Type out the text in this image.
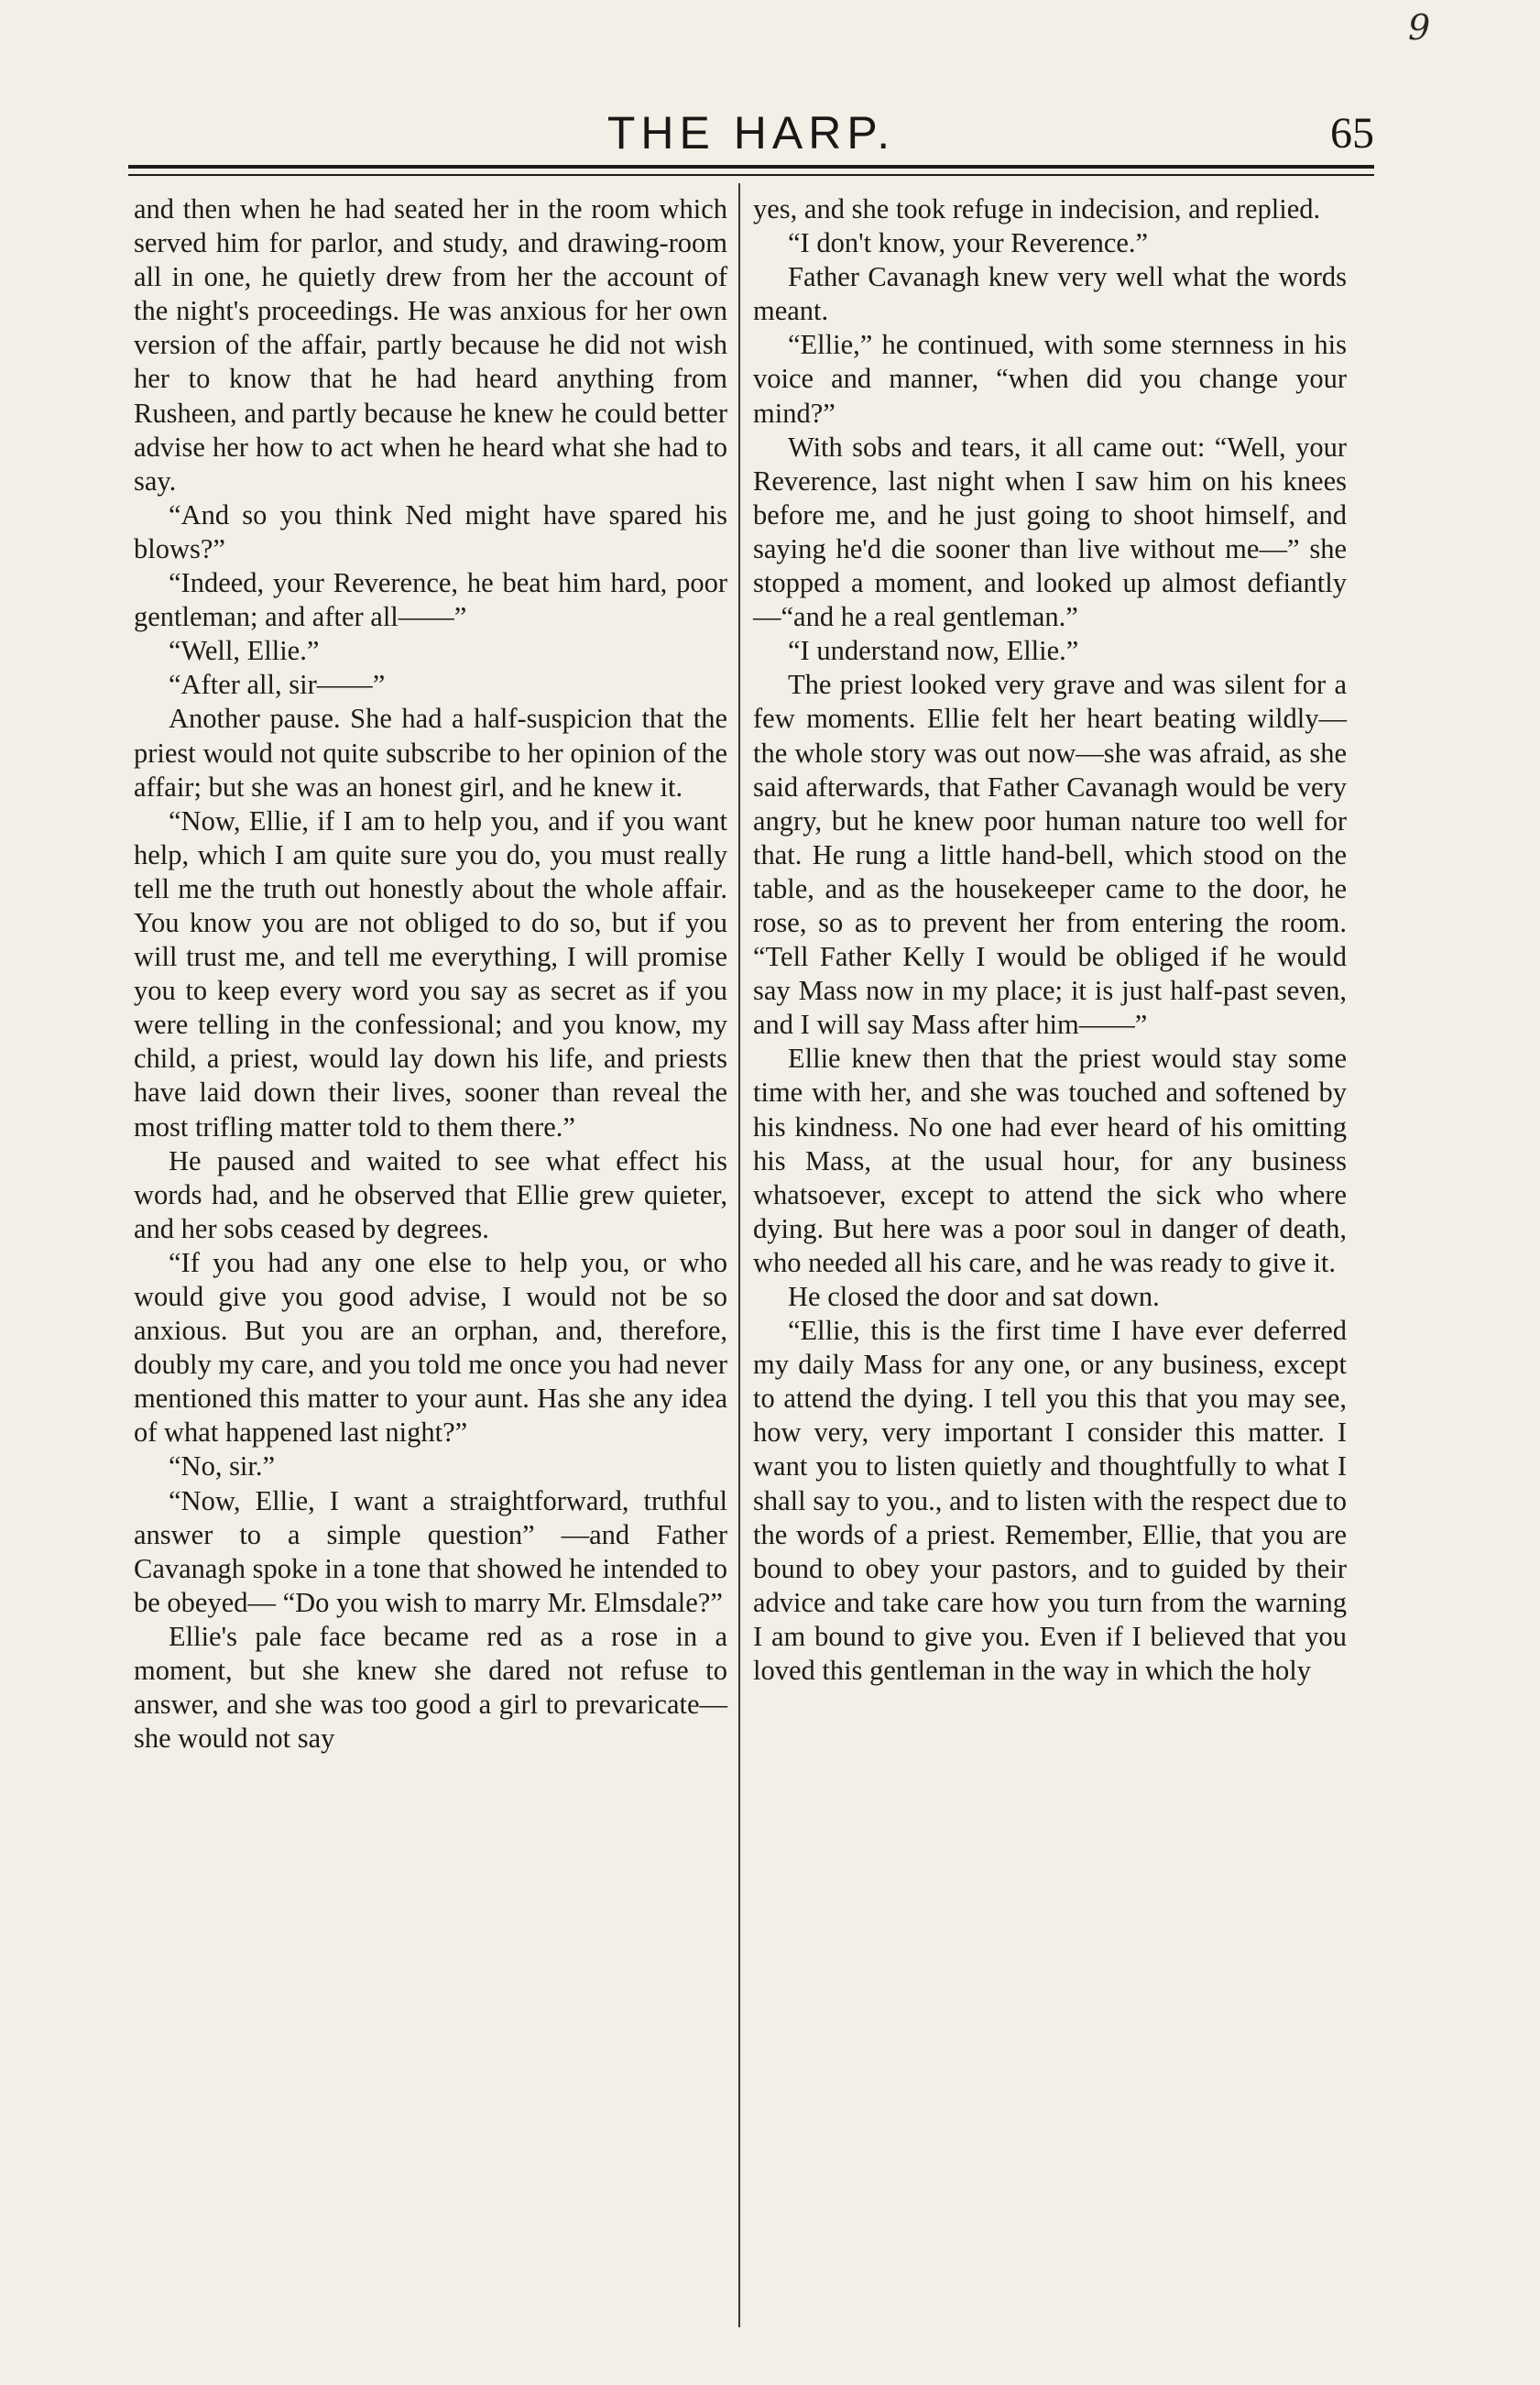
9
THE HARP.	65

and then when he had seated her in the room which served him for parlor, and study, and drawing-room all in one, he quietly drew from her the account of the night's proceedings. He was anxious for her own version of the affair, partly because he did not wish her to know that he had heard anything from Rusheen, and partly because he knew he could better advise her how to act when he heard what she had to say.

“And so you think Ned might have spared his blows?”

“Indeed, your Reverence, he beat him hard, poor gentleman; and after all——”

“Well, Ellie.”

“After all, sir——”

Another pause. She had a half-suspicion that the priest would not quite subscribe to her opinion of the affair; but she was an honest girl, and he knew it.

“Now, Ellie, if I am to help you, and if you want help, which I am quite sure you do, you must really tell me the truth out honestly about the whole affair. You know you are not obliged to do so, but if you will trust me, and tell me everything, I will promise you to keep every word you say as secret as if you were telling in the confessional; and you know, my child, a priest, would lay down his life, and priests have laid down their lives, sooner than reveal the most trifling matter told to them there.”

He paused and waited to see what effect his words had, and he observed that Ellie grew quieter, and her sobs ceased by degrees.

“If you had any one else to help you, or who would give you good advise, I would not be so anxious. But you are an orphan, and, therefore, doubly my care, and you told me once you had never mentioned this matter to your aunt. Has she any idea of what happened last night?”

“No, sir.”

“Now, Ellie, I want a straightforward, truthful answer to a simple question” —and Father Cavanagh spoke in a tone that showed he intended to be obeyed— “Do you wish to marry Mr. Elmsdale?”

Ellie's pale face became red as a rose in a moment, but she knew she dared not refuse to answer, and she was too good a girl to prevaricate—she would not say

yes, and she took refuge in indecision, and replied.

“I don't know, your Reverence.”

Father Cavanagh knew very well what the words meant.

“Ellie,” he continued, with some sternness in his voice and manner, “when did you change your mind?”

With sobs and tears, it all came out: “Well, your Reverence, last night when I saw him on his knees before me, and he just going to shoot himself, and saying he'd die sooner than live without me—” she stopped a moment, and looked up almost defiantly—“and he a real gentleman.”

“I understand now, Ellie.”

The priest looked very grave and was silent for a few moments. Ellie felt her heart beating wildly—the whole story was out now—she was afraid, as she said afterwards, that Father Cavanagh would be very angry, but he knew poor human nature too well for that. He rung a little hand-bell, which stood on the table, and as the housekeeper came to the door, he rose, so as to prevent her from entering the room. “Tell Father Kelly I would be obliged if he would say Mass now in my place; it is just half-past seven, and I will say Mass after him——”

Ellie knew then that the priest would stay some time with her, and she was touched and softened by his kindness. No one had ever heard of his omitting his Mass, at the usual hour, for any business whatsoever, except to attend the sick who where dying. But here was a poor soul in danger of death, who needed all his care, and he was ready to give it.

He closed the door and sat down.

“Ellie, this is the first time I have ever deferred my daily Mass for any one, or any business, except to attend the dying. I tell you this that you may see, how very, very important I consider this matter. I want you to listen quietly and thoughtfully to what I shall say to you., and to listen with the respect due to the words of a priest. Remember, Ellie, that you are bound to obey your pastors, and to guided by their advice and take care how you turn from the warning I am bound to give you. Even if I believed that you loved this gentleman in the way in which the holy
